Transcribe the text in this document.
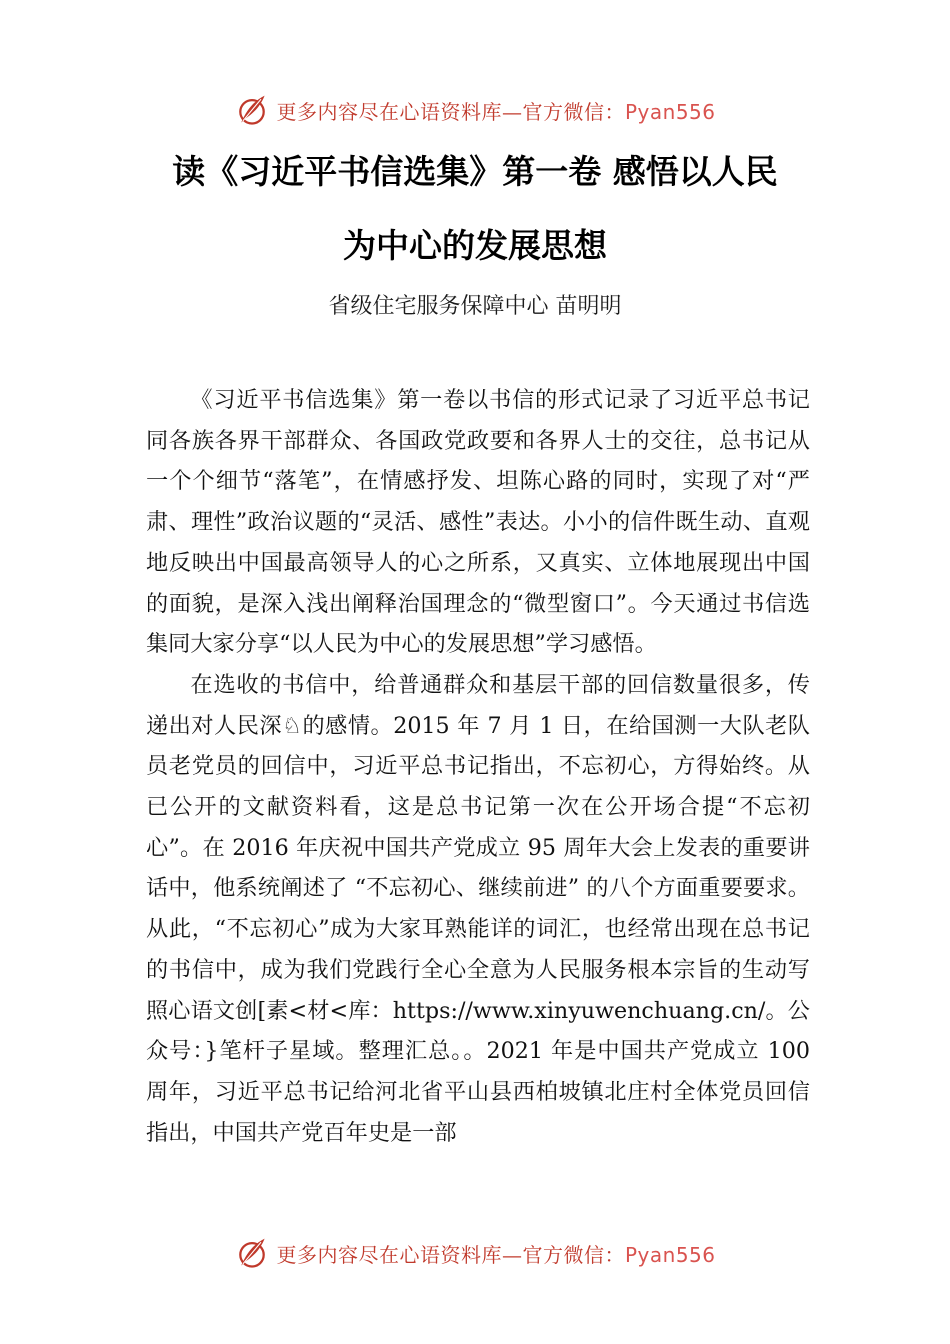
更多内容尽在心语资料库—官方微信：Pyan556
读《习近平书信选集》第一卷 感悟以人民
为中心的发展思想
省级住宅服务保障中心 苗明明

《习近平书信选集》第一卷以书信的形式记录了习近平总书记同各族各界干部群众、各国政党政要和各界人士的交往，总书记从一个个细节“落笔”，在情感抒发、坦陈心路的同时，实现了对“严肃、理性”政治议题的“灵活、感性”表达。小小的信件既生动、直观地反映出中国最高领导人的心之所系，又真实、立体地展现出中国的面貌，是深入浅出阐释治国理念的“微型窗口”。今天通过书信选集同大家分享“以人民为中心的发展思想”学习感悟。

在选收的书信中，给普通群众和基层干部的回信数量很多，传递出对人民深♘的感情。2015 年 7 月 1 日，在给国测一大队老队员老党员的回信中，习近平总书记指出，不忘初心，方得始终。从已公开的文献资料看，这是总书记第一次在公开场合提“不忘初心”。在 2016 年庆祝中国共产党成立 95 周年大会上发表的重要讲话中，他系统阐述了 “不忘初心、继续前进” 的八个方面重要要求。从此，“不忘初心”成为大家耳熟能详的词汇，也经常出现在总书记的书信中，成为我们党践行全心全意为人民服务根本宗旨的生动写照心语文创[素<材<库：https://www.xinyuwenchuang.cn/。公众号：}笔杆子星域。整理汇总。。2021 年是中国共产党成立 100 周年，习近平总书记给河北省平山县西柏坡镇北庄村全体党员回信指出，中国共产党百年史是一部

更多内容尽在心语资料库—官方微信：Pyan556
